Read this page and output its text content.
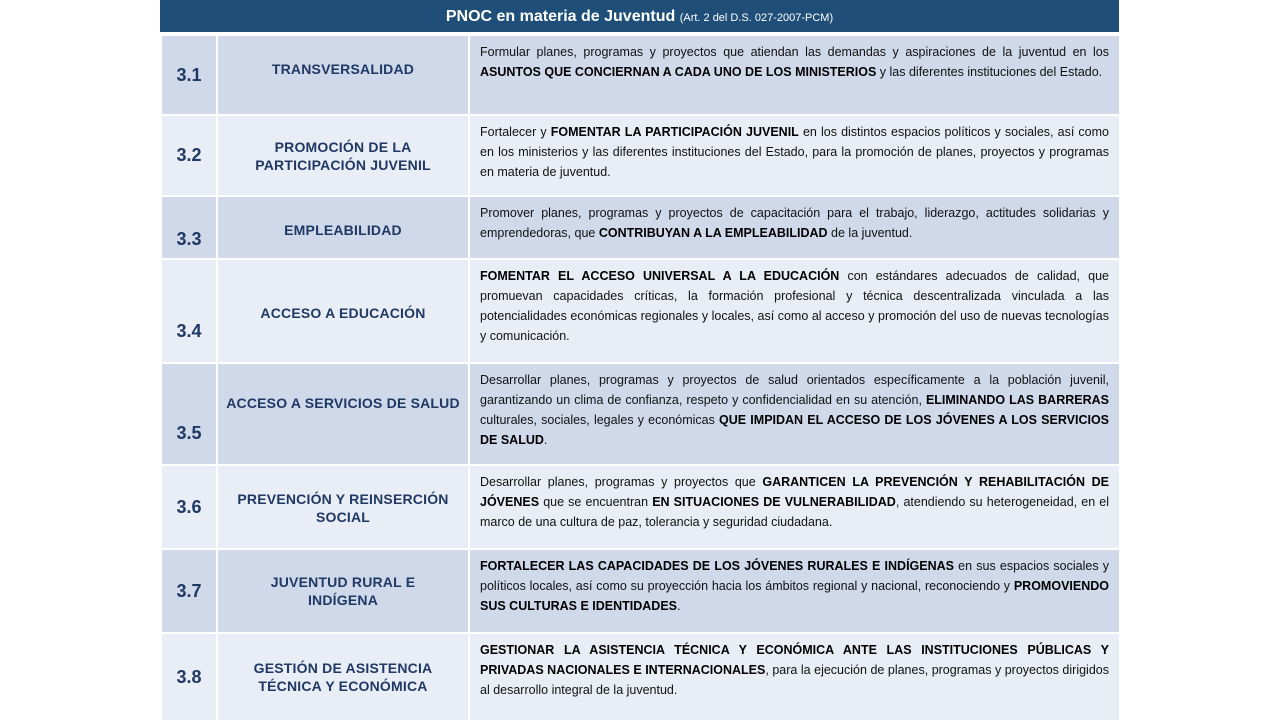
PNOC en materia de Juventud (Art. 2 del D.S. 027-2007-PCM)
3.1	TRANSVERSALIDAD	Formular planes, programas y proyectos que atiendan las demandas y aspiraciones de la juventud en los ASUNTOS QUE CONCIERNAN A CADA UNO DE LOS MINISTERIOS y las diferentes instituciones del Estado.
3.2	PROMOCIÓN DE LA PARTICIPACIÓN JUVENIL	Fortalecer y FOMENTAR LA PARTICIPACIÓN JUVENIL en los distintos espacios políticos y sociales, así como en los ministerios y las diferentes instituciones del Estado, para la promoción de planes, proyectos y programas en materia de juventud.
3.3	EMPLEABILIDAD	Promover planes, programas y proyectos de capacitación para el trabajo, liderazgo, actitudes solidarias y emprendedoras, que CONTRIBUYAN A LA EMPLEABILIDAD de la juventud.
3.4	ACCESO A EDUCACIÓN	FOMENTAR EL ACCESO UNIVERSAL A LA EDUCACIÓN con estándares adecuados de calidad, que promuevan capacidades críticas, la formación profesional y técnica descentralizada vinculada a las potencialidades económicas regionales y locales, así como al acceso y promoción del uso de nuevas tecnologías y comunicación.
3.5	ACCESO A SERVICIOS DE SALUD	Desarrollar planes, programas y proyectos de salud orientados específicamente a la población juvenil, garantizando un clima de confianza, respeto y confidencialidad en su atención, ELIMINANDO LAS BARRERAS culturales, sociales, legales y económicas QUE IMPIDAN EL ACCESO DE LOS JÓVENES A LOS SERVICIOS DE SALUD.
3.6	PREVENCIÓN Y REINSERCIÓN SOCIAL	Desarrollar planes, programas y proyectos que GARANTICEN LA PREVENCIÓN Y REHABILITACIÓN DE JÓVENES que se encuentran EN SITUACIONES DE VULNERABILIDAD, atendiendo su heterogeneidad, en el marco de una cultura de paz, tolerancia y seguridad ciudadana.
3.7	JUVENTUD RURAL E INDÍGENA	FORTALECER LAS CAPACIDADES DE LOS JÓVENES RURALES E INDÍGENAS en sus espacios sociales y políticos locales, así como su proyección hacia los ámbitos regional y nacional, reconociendo y PROMOVIENDO SUS CULTURAS E IDENTIDADES.
3.8	GESTIÓN DE ASISTENCIA TÉCNICA Y ECONÓMICA	GESTIONAR LA ASISTENCIA TÉCNICA Y ECONÓMICA ANTE LAS INSTITUCIONES PÚBLICAS Y PRIVADAS NACIONALES E INTERNACIONALES, para la ejecución de planes, programas y proyectos dirigidos al desarrollo integral de la juventud.
